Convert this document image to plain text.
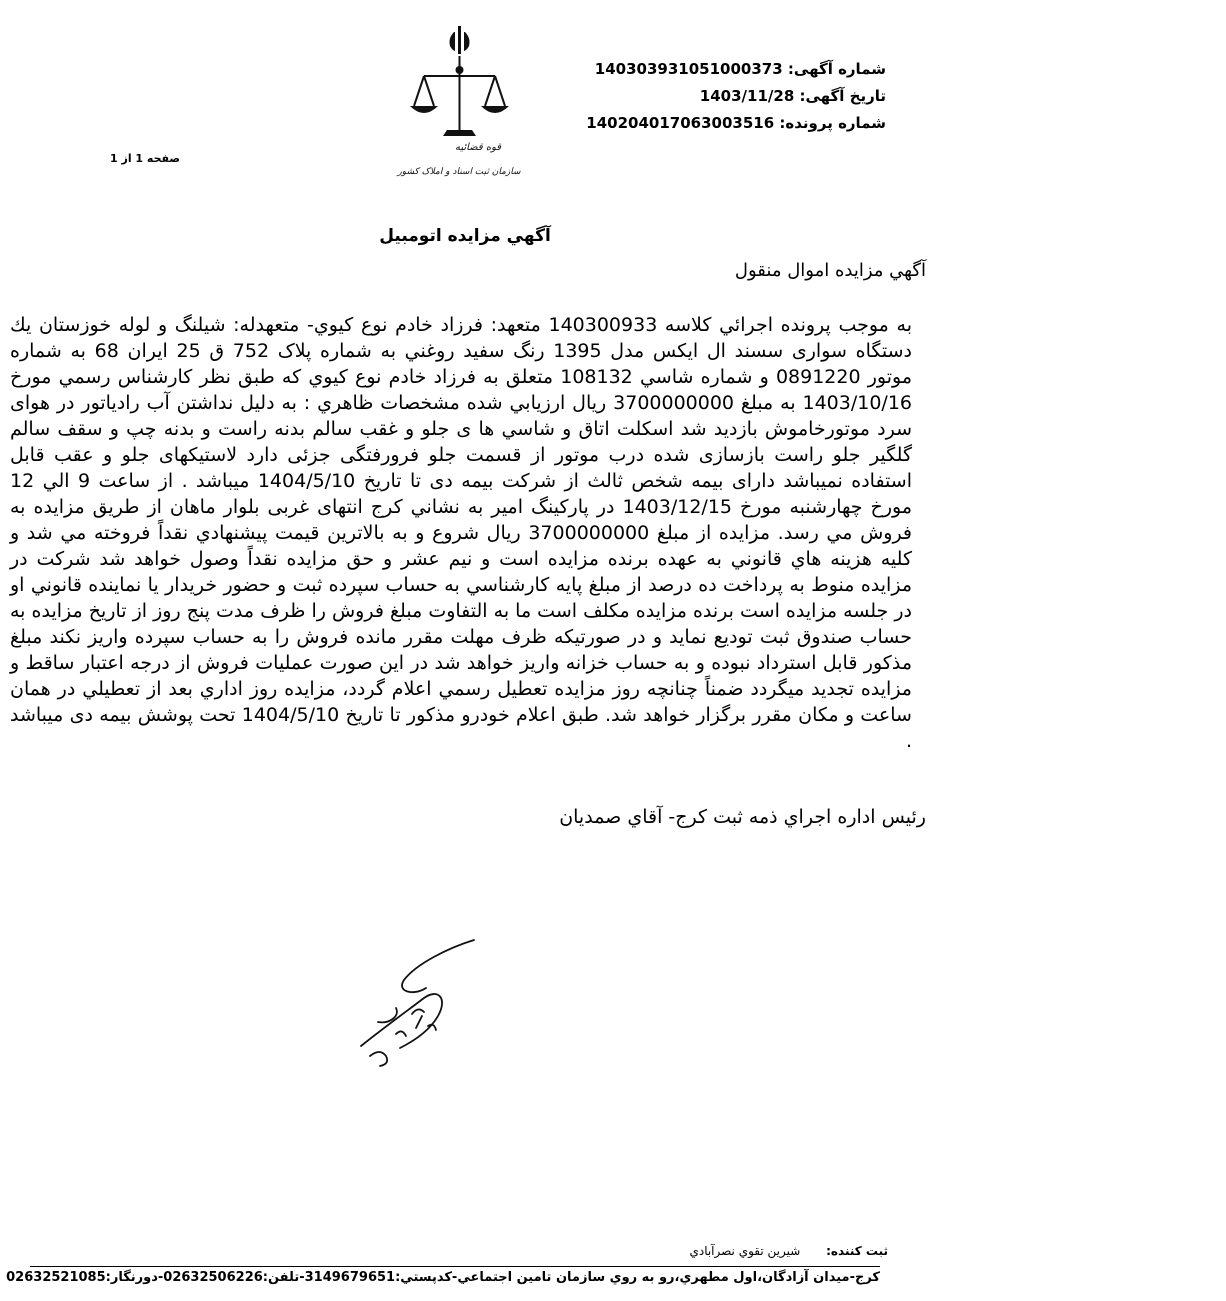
شماره آگهی: 14030393105100037​3
تاريخ آگهی: 1403/11/28
شماره پرونده: 140204017063003516
قوه قضائیه
سازمان ثبت اسناد و املاک کشور
صفحه 1 از 1
آگهي مزايده اتومبيل
آگهي مزايده اموال منقول
به موجب پرونده اجرائي كلاسه 140300933 متعهد: فرزاد خادم نوع كيوي- متعهدله: شيلنگ و لوله خوزستان يك دستگاه سواری سسند ال ايكس مدل 1395 رنگ سفيد روغني به شماره پلاک 752 ق 25 ايران 68 به شماره موتور 0891220 و شماره شاسي 108132 متعلق به فرزاد خادم نوع كيوي كه طبق نظر كارشناس رسمي مورخ 1403/10/16 به مبلغ 3700000000 ريال ارزيابي شده مشخصات ظاهري : به دليل نداشتن آب رادياتور در هواى سرد موتورخاموش بازديد شد اسكلت اتاق و شاسي ها ی جلو و غقب سالم بدنه راست و بدنه چپ و سقف سالم گلگير جلو راست بازسازی شده درب موتور از قسمت جلو فرورفتگی جزئی دارد لاستيكهای جلو و عقب قابل استفاده نميباشد دارای بيمه شخص ثالث از شركت بيمه دی تا تاريخ 1404/5/10 ميباشد . از ساعت 9 الي 12 مورخ چهارشنبه مورخ 1403/12/15 در پاركينگ امير به نشاني كرج انتهای غربی بلوار ماهان از طريق مزايده به فروش مي رسد. مزايده از مبلغ 3700000000 ريال شروع و به بالاترين قيمت پيشنهادي نقداً فروخته مي شد و كليه هزينه هاي قانوني به عهده برنده مزايده است و نيم عشر و حق مزايده نقداً وصول خواهد شد شركت در مزايده منوط به پرداخت ده درصد از مبلغ پايه كارشناسي به حساب سپرده ثبت و حضور خريدار يا نماينده قانوني او در جلسه مزايده است برنده مزايده مكلف است ما به التفاوت مبلغ فروش را ظرف مدت پنج روز از تاريخ مزايده به حساب صندوق ثبت توديع نمايد و در صورتيكه ظرف مهلت مقرر مانده فروش را به حساب سپرده واريز نكند مبلغ مذكور قابل استرداد نبوده و به حساب خزانه واريز خواهد شد در اين صورت عمليات فروش از درجه اعتبار ساقط و مزايده تجديد ميگردد ضمناً چنانچه روز مزايده تعطيل رسمي اعلام گردد، مزايده روز اداري بعد از تعطيلي در همان ساعت و مكان مقرر برگزار خواهد شد. طبق اعلام خودرو مذكور تا تاريخ 1404/5/10 تحت پوشش بيمه دی ميباشد .
رئيس اداره اجراي ذمه ثبت كرج- آقاي صمديان
ثبت كننده: شيرين تقوي نصرآبادي
كرج-ميدان آزادگان،اول مطهري،رو به روي سازمان تامين اجتماعي-كدپستي:3149679651-تلفن:02632506226-دورنگار:02632521085
